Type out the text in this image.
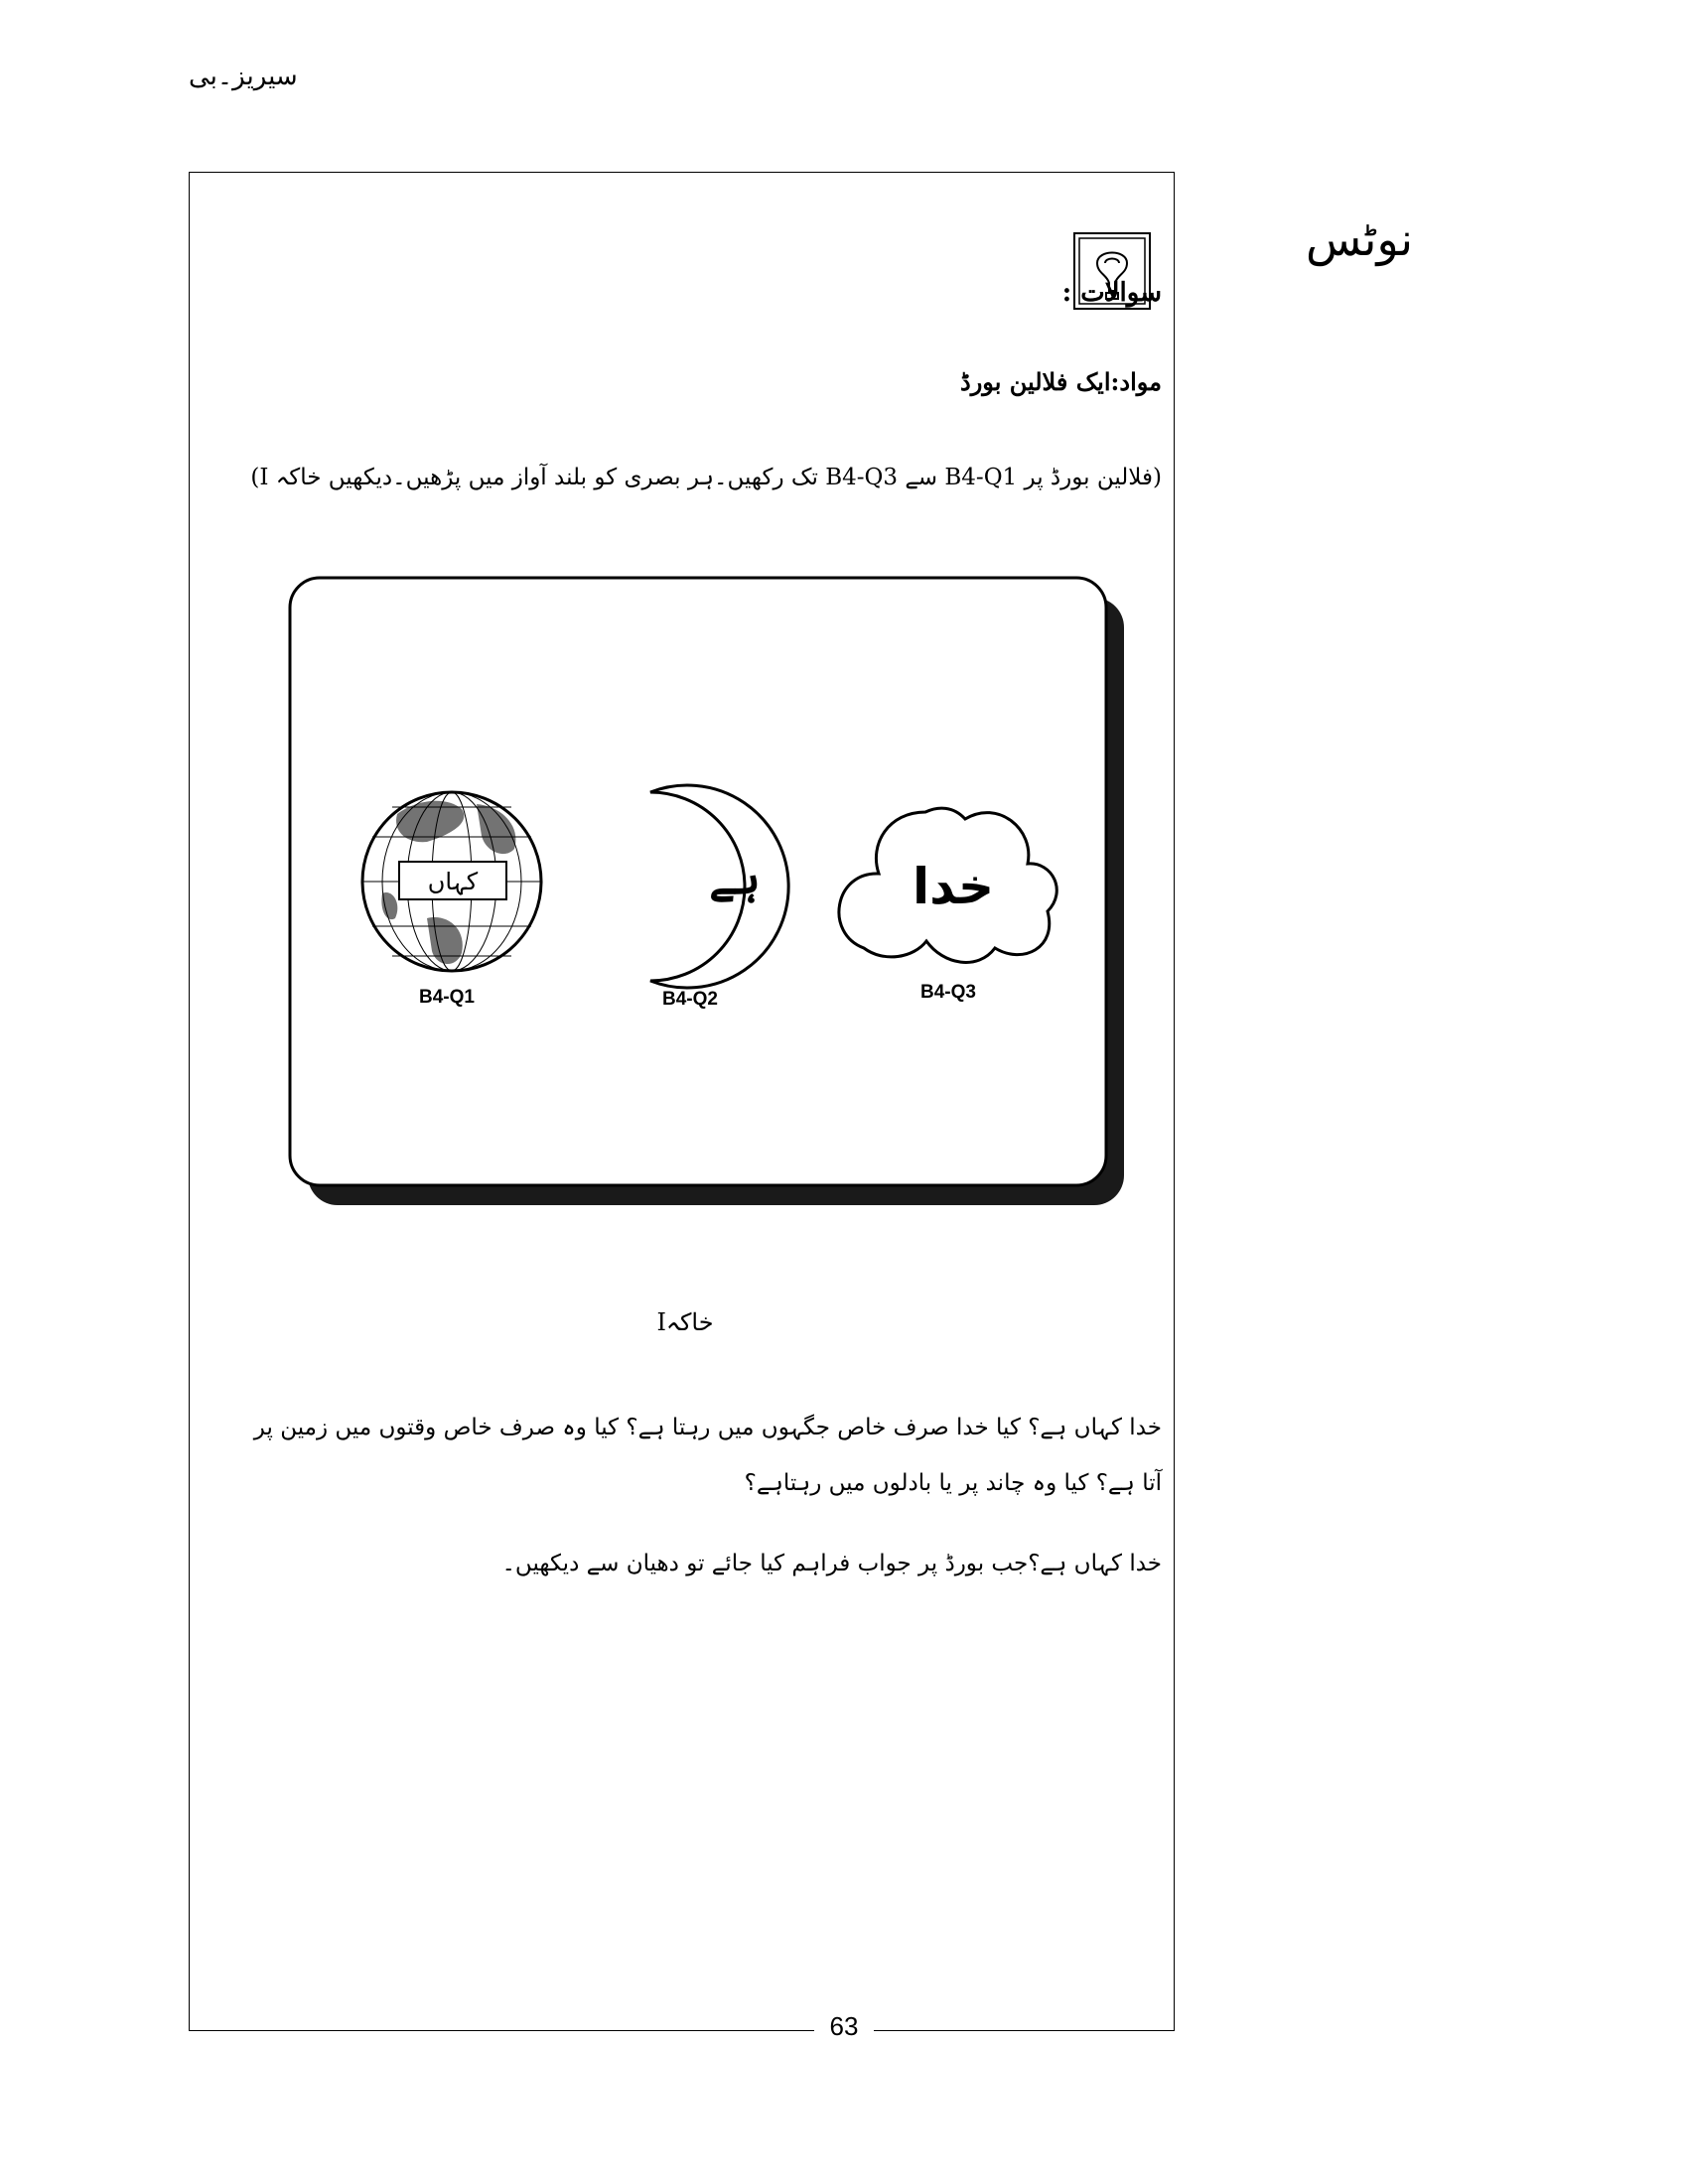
سیریز۔بی
نوٹس
سوالات :
مواد:ایک فلالین بورڈ
(فلالین بورڈ پر B4-Q1 سے B4-Q3 تک رکھیں۔ہر بصری کو بلند آواز میں پڑھیں۔دیکھیں خاکہ I)
کہاں
B4-Q1
ہے
B4-Q2
خدا
B4-Q3
خاکہI
خدا کہاں ہے؟ کیا خدا صرف خاص جگہوں میں رہتا ہے؟ کیا وہ صرف خاص وقتوں میں زمین پر آتا ہے؟ کیا وہ چاند پر یا بادلوں میں رہتاہے؟
خدا کہاں ہے؟جب بورڈ پر جواب فراہم کیا جائے تو دھیان سے دیکھیں۔
63
